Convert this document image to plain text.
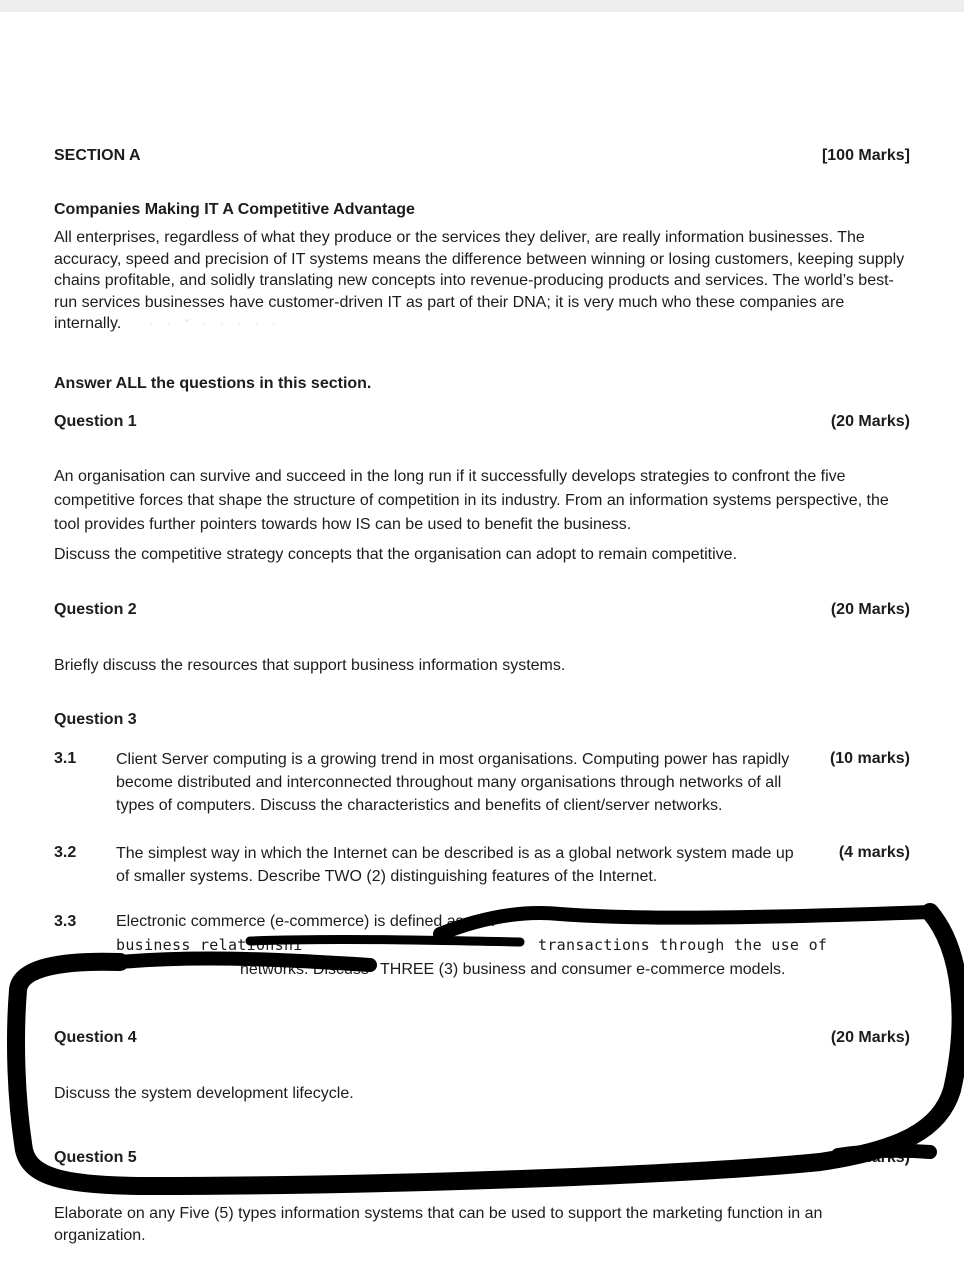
SECTION A	[100 Marks]
Companies Making IT A Competitive Advantage
All enterprises, regardless of what they produce or the services they deliver, are really information businesses. The accuracy, speed and precision of IT systems means the difference between winning or losing customers, keeping supply chains profitable, and solidly translating new concepts into revenue-producing products and services. The world’s best-run services businesses have customer-driven IT as part of their DNA; it is very much who these companies are internally.	· · " · · · · ·
Answer ALL the questions in this section.
Question 1	(20 Marks)
An organisation can survive and succeed in the long run if it successfully develops strategies to confront the five competitive forces that shape the structure of competition in its industry. From an information systems perspective, the tool provides further pointers towards how IS can be used to benefit the business.
Discuss the competitive strategy concepts that the organisation can adopt to remain competitive.
Question 2	(20 Marks)
Briefly discuss the resources that support business information systems.
Question 3
3.1 Client Server computing is a growing trend in most organisations. Computing power has rapidly become distributed and interconnected throughout many organisations through networks of all types of computers. Discuss the characteristics and benefits of client/server networks.
(10 marks)
3.2 The simplest way in which the Internet can be described is as a global network system made up of smaller systems. Describe TWO (2) distinguishing features of the Internet.
(4 marks)
3.3 Electronic commerce (e-commerce) is defined as sha
business relationshi	transactions through the use of
networks. Discuss THREE (3) business and consumer e-commerce models.
Question 4	(20 Marks)
Discuss the system development lifecycle.
Question 5	Marks)
Elaborate on any Five (5) types information systems that can be used to support the marketing function in an organization.
